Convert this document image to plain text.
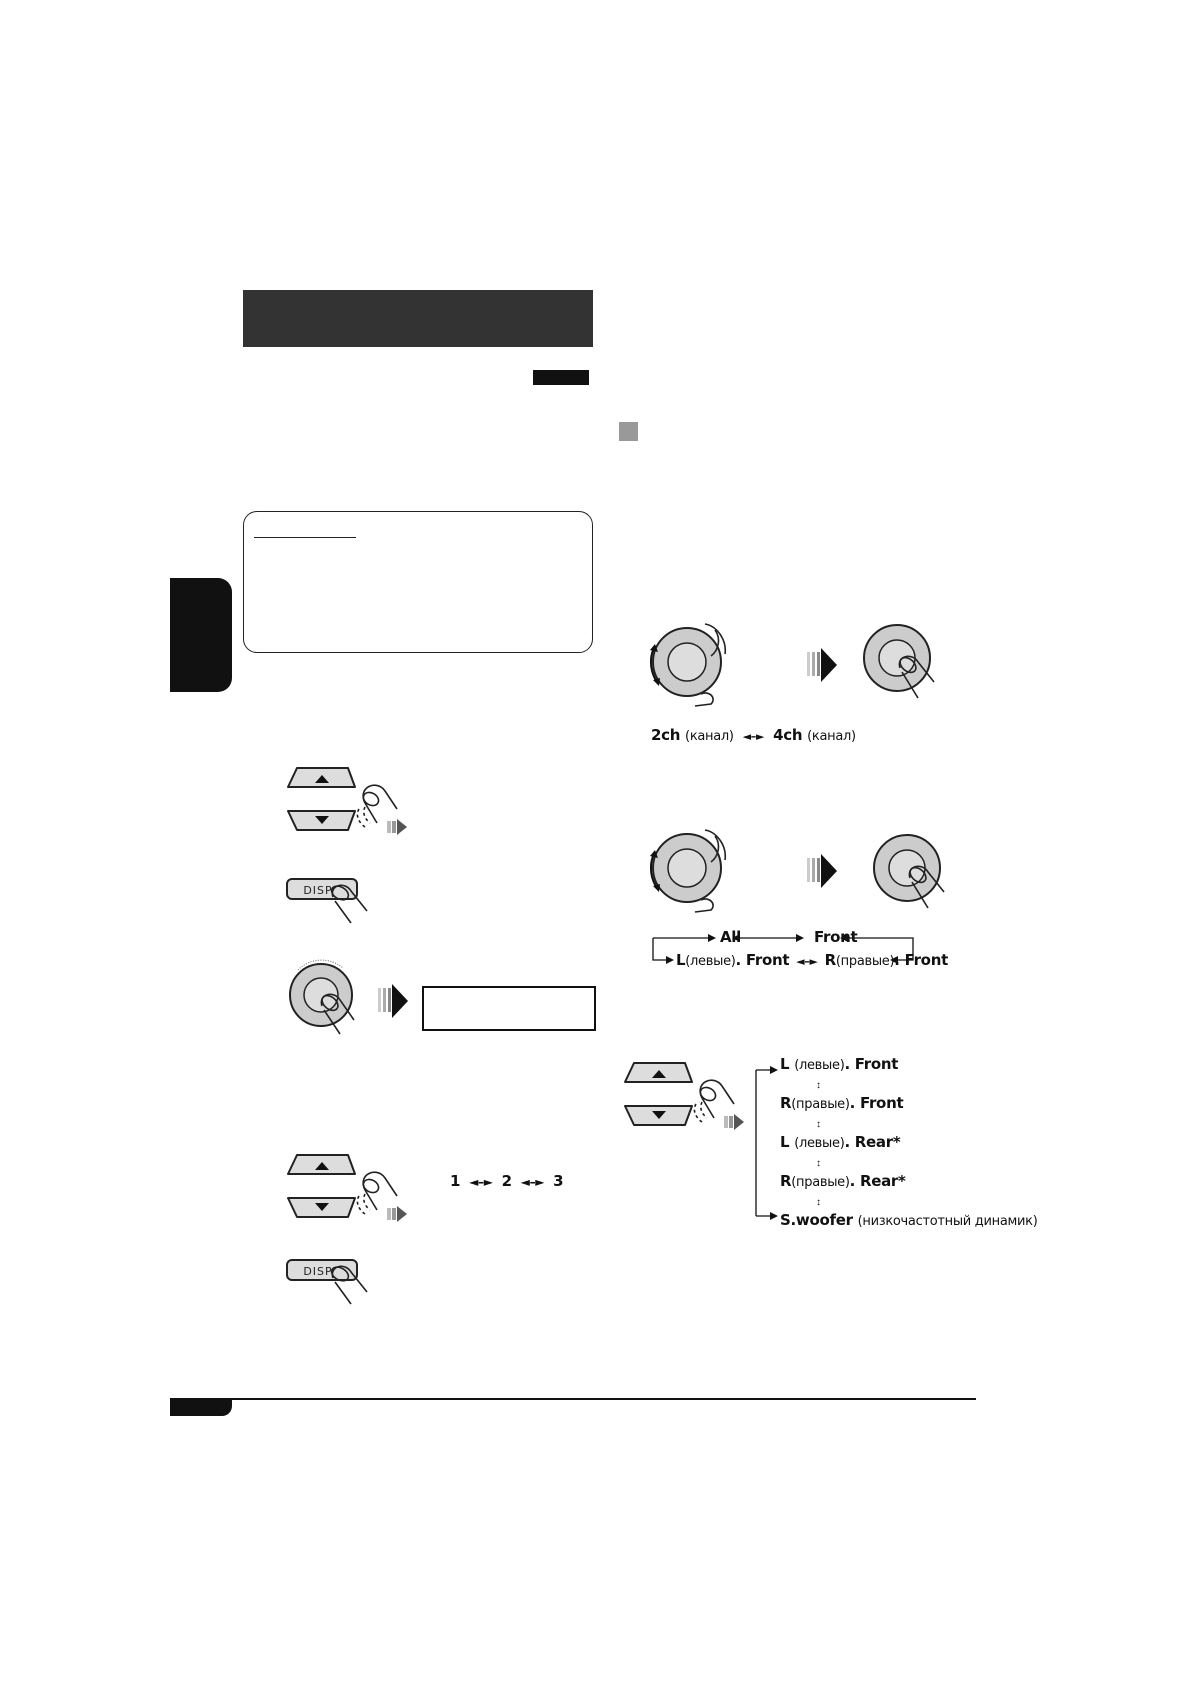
DISP
1 ◄–► 2 ◄–► 3
DISP
2ch (канал) ◄–► 4ch (канал)
All	Front
L(левые). Front ◄–► R(правые). Front
L (левые). Front
↕
R(правые). Front
↕
L (левые). Rear*
↕
R(правые). Rear*
↕
S.woofer (низкочастотный динамик)
